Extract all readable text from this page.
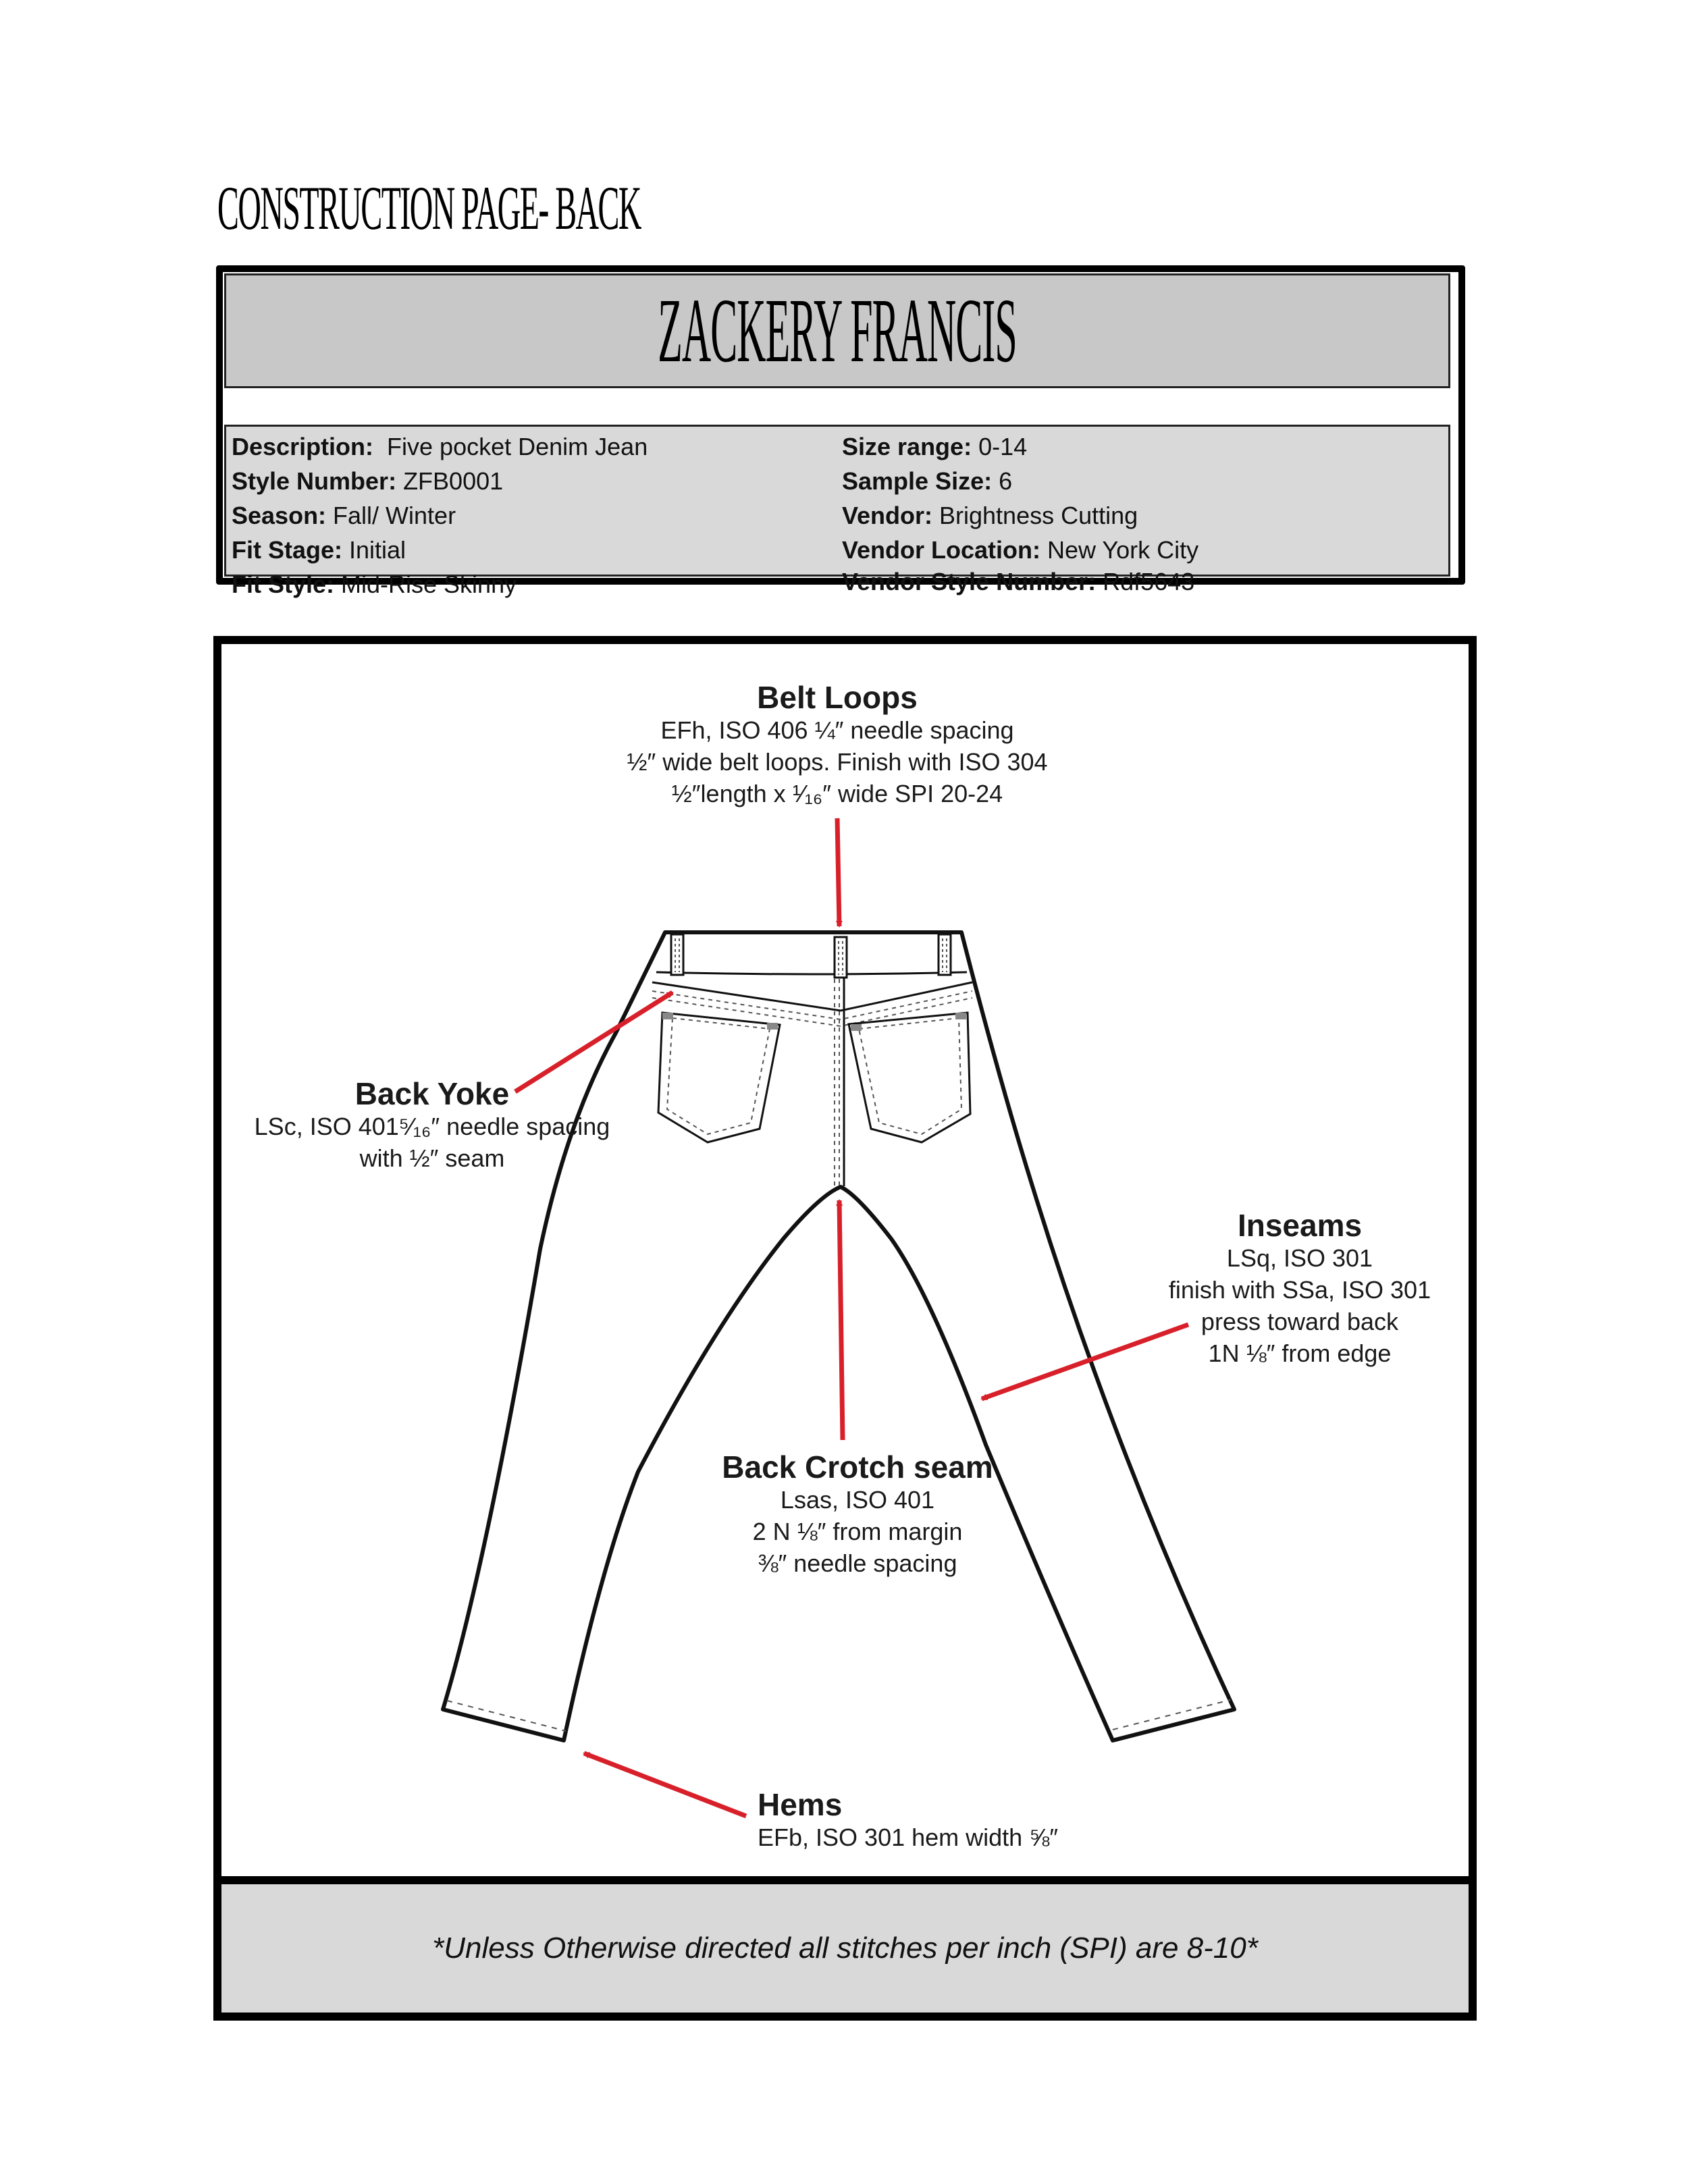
CONSTRUCTION PAGE- BACK
ZACKERY FRANCIS
Description:  Five pocket Denim Jean
Style Number: ZFB0001
Season: Fall/ Winter
Fit Stage: Initial
Fit Style: Mid-Rise Skinny
Size range: 0-14
Sample Size: 6
Vendor: Brightness Cutting
Vendor Location: New York City
Vendor Style Number: Rdf5643
*Unless Otherwise directed all stitches per inch (SPI) are 8-10*
Belt Loops
EFh, ISO 406 ¼″ needle spacing
½″ wide belt loops. Finish with ISO 304
½″length x ¹⁄₁₆″ wide SPI 20-24
Back Yoke
LSc, ISO 401⁵⁄₁₆″ needle spacing
with ½″ seam
Inseams
LSq, ISO 301
finish with SSa, ISO 301
press toward back
1N ⅛″ from edge
Back Crotch seam
Lsas, ISO 401
2 N ⅛″ from margin
⅜″ needle spacing
Hems
EFb, ISO 301 hem width ⅝″
